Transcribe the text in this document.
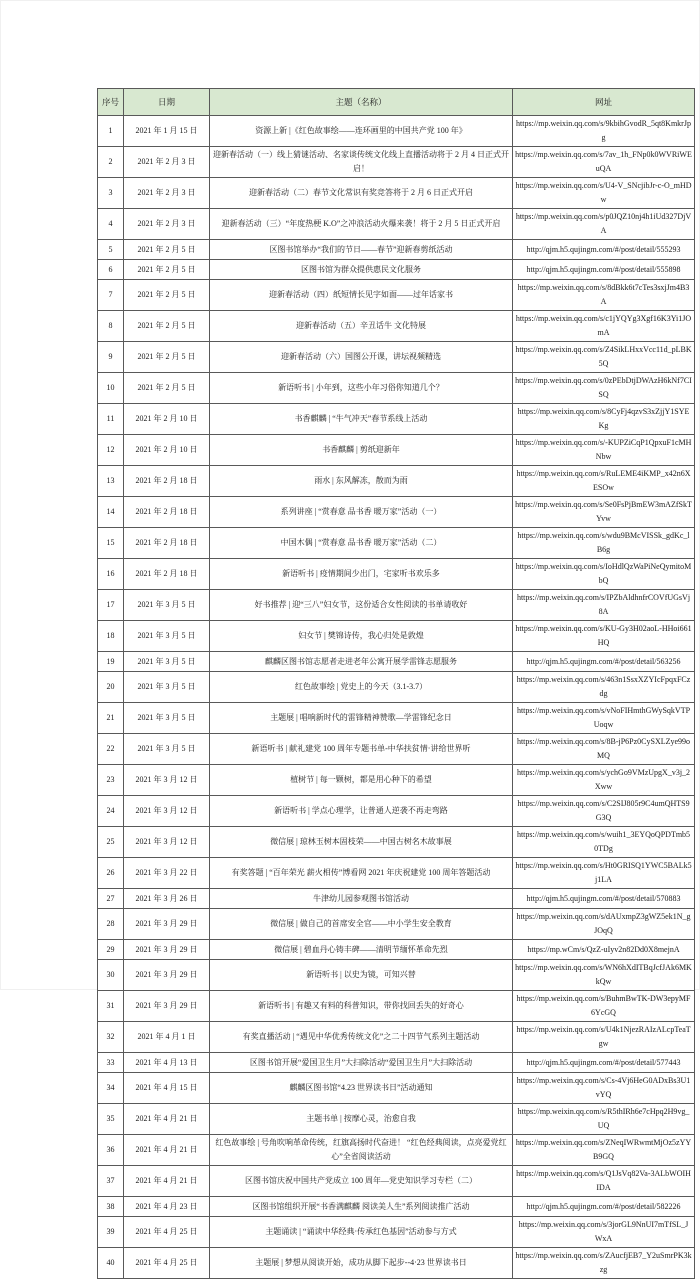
序号	日期	主题（名称）	网址
1	2021 年 1 月 15 日	资源上新 |《红色故事绘——连环画里的中国共产党 100 年》	https://mp.weixin.qq.com/s/9kbihGvodR_5qt8KmkrJpg
2	2021 年 2 月 3 日	迎新春活动（一）线上猜谜活动、名家谈传统文化线上直播活动将于 2 月 4 日正式开启！	https://mp.weixin.qq.com/s/7av_1h_FNp0k0WVRiWEuQA
3	2021 年 2 月 3 日	迎新春活动（二）春节文化常识有奖竞答将于 2 月 6 日正式开启	https://mp.weixin.qq.com/s/U4-V_SNcjibJr-c-O_mHDw
4	2021 年 2 月 3 日	迎新春活动（三）“年度热梗 K.O”之冲浪活动火爆来袭！将于 2 月 5 日正式开启	https://mp.weixin.qq.com/s/p0JQZ10nj4h1iUd327DjVA
5	2021 年 2 月 5 日	区图书馆举办“我们的节日——春节”迎新春剪纸活动	http://qjm.h5.qujingm.com/#/post/detail/555293
6	2021 年 2 月 5 日	区图书馆为群众提供惠民文化服务	http://qjm.h5.qujingm.com/#/post/detail/555898
7	2021 年 2 月 5 日	迎新春活动（四）纸短情长见字如面——过年话家书	https://mp.weixin.qq.com/s/8dBkk6t7cTes3sxjJm4B3A
8	2021 年 2 月 5 日	迎新春活动（五）辛丑话牛 文化特展	https://mp.weixin.qq.com/s/c1jYQYg3Xgf16K3Yi1JOmA
9	2021 年 2 月 5 日	迎新春活动（六）国图公开课，讲坛视频精选	https://mp.weixin.qq.com/s/Z4SikLHxxVcc11d_pLBK5Q
10	2021 年 2 月 5 日	新语听书 | 小年到，这些小年习俗你知道几个？	https://mp.weixin.qq.com/s/0zPEbDtjDWAzH6kNf7CISQ
11	2021 年 2 月 10 日	书香麒麟 | “牛气冲天”春节系线上活动	https://mp.weixin.qq.com/s/8CyFj4qzvS3xZjjY1SYEKg
12	2021 年 2 月 10 日	书香麒麟 | 剪纸迎新年	https://mp.weixin.qq.com/s/-KUPZiCqP1QpxuF1cMHNbw
13	2021 年 2 月 18 日	雨水 | 东风解冻，散而为雨	https://mp.weixin.qq.com/s/RuLEME4iKMP_x42n6XESOw
14	2021 年 2 月 18 日	系列讲座 | “赏春意 品书香 暖万家”活动（一）	https://mp.weixin.qq.com/s/Se0FsPjBmEW3mAZfSkTYvw
15	2021 年 2 月 18 日	中国木偶 | “赏春意 品书香 暖万家”活动（二）	https://mp.weixin.qq.com/s/wdu9BMcVISSk_gdKc_lB6g
16	2021 年 2 月 18 日	新语听书 | 疫情期间少出门，宅家听书欢乐多	https://mp.weixin.qq.com/s/IoHdlQzWaPiNeQymitoMbQ
17	2021 年 3 月 5 日	好书推荐 | 迎“三八”妇女节，这份适合女性阅读的书单请收好	https://mp.weixin.qq.com/s/IPZbAldhnfrCOVfUGsVj8A
18	2021 年 3 月 5 日	妇女节 | 樊锦诗传，我心归处是敦煌	https://mp.weixin.qq.com/s/KU-Gy3H02aoL-HHoi661HQ
19	2021 年 3 月 5 日	麒麟区图书馆志愿者走进老年公寓开展学雷锋志愿服务	http://qjm.h5.qujingm.com/#/post/detail/563256
20	2021 年 3 月 5 日	红色故事绘 | 党史上的今天（3.1-3.7）	https://mp.weixin.qq.com/s/463n1SsxXZYIcFpqxFCzdg
21	2021 年 3 月 5 日	主题展 | 唱响新时代的雷锋精神赞歌—学雷锋纪念日	https://mp.weixin.qq.com/s/vNoFIHmthGWySqkVTPUoqw
22	2021 年 3 月 5 日	新语听书 | 献礼建党 100 周年专题书单-中华扶贫情·讲给世界听	https://mp.weixin.qq.com/s/8B-jP6Pz0CySXLZye99oMQ
23	2021 年 3 月 12 日	植树节 | 每一颗树，都是用心种下的希望	https://mp.weixin.qq.com/s/ychGo9VMzUpgX_v3j_2Xww
24	2021 年 3 月 12 日	新语听书 | 学点心理学，让普通人逆袭不再走弯路	https://mp.weixin.qq.com/s/C2SIJ805r9C4umQHTS9G3Q
25	2021 年 3 月 12 日	微信展 | 琼林玉树本固枝荣——中国古树名木故事展	https://mp.weixin.qq.com/s/wuih1_3EYQoQPDTmb50TDg
26	2021 年 3 月 22 日	有奖答题 | “百年荣光 薪火相传”博看网 2021 年庆祝建党 100 周年答题活动	https://mp.weixin.qq.com/s/Ht0GRISQ1YWC5BALk5j1LA
27	2021 年 3 月 26 日	牛津幼儿园参观图书馆活动	http://qjm.h5.qujingm.com/#/post/detail/570883
28	2021 年 3 月 29 日	微信展 | 做自己的首席安全官——中小学生安全教育	https://mp.weixin.qq.com/s/dAUxmpZ3gWZ5ek1N_gJOqQ
29	2021 年 3 月 29 日	微信展 | 碧血丹心铸丰碑——清明节缅怀革命先烈	https://mp.wCm/s/QzZ-uIyv2n82Dd0X8mejnA
30	2021 年 3 月 29 日	新语听书 | 以史为镜，可知兴替	https://mp.weixin.qq.com/s/WN6hXdITBqJcfJAk6MKkQw
31	2021 年 3 月 29 日	新语听书 | 有趣又有料的科普知识，带你找回丢失的好奇心	https://mp.weixin.qq.com/s/BuhmBwTK-DW3epyMF6YcGQ
32	2021 年 4 月 1 日	有奖直播活动 | “遇见中华优秀传统文化”之二十四节气系列主题活动	https://mp.weixin.qq.com/s/U4k1NjezRAIzALcpTeaTgw
33	2021 年 4 月 13 日	区图书馆开展“爱国卫生月”大扫除活动“爱国卫生月”大扫除活动	http://qjm.h5.qujingm.com/#/post/detail/577443
34	2021 年 4 月 15 日	麒麟区图书馆“4.23 世界读书日”活动通知	https://mp.weixin.qq.com/s/Cs-4Vj6HeG0ADxBs3U1vYQ
35	2021 年 4 月 21 日	主题书单 | 按摩心灵，治愈自我	https://mp.weixin.qq.com/s/R5thIRh6e7cHpq2H9vg_UQ
36	2021 年 4 月 21 日	红色故事绘 | 号角吹响革命传统，红旗高扬时代奋进！ “红色经典阅读，点亮爱党红心”全省阅读活动	https://mp.weixin.qq.com/s/ZNeqIWRwmtMjOz5zYYB9GQ
37	2021 年 4 月 21 日	区图书馆庆祝中国共产党成立 100 周年—党史知识学习专栏（二）	https://mp.weixin.qq.com/s/Q1JsVq82Va-3ALbWOIHIDA
38	2021 年 4 月 23 日	区图书馆组织开展“书香满麒麟 阅读美人生”系列阅读推广活动	http://qjm.h5.qujingm.com/#/post/detail/582226
39	2021 年 4 月 25 日	主题诵读 | “诵读中华经典·传承红色基因”活动参与方式	https://mp.weixin.qq.com/s/3jorGL9NnUI7mTfSL_JWxA
40	2021 年 4 月 25 日	主题展 | 梦想从阅读开始，成功从脚下起步--4·23 世界读书日	https://mp.weixin.qq.com/s/ZAucfjEB7_Y2uSmrPK3kzg
